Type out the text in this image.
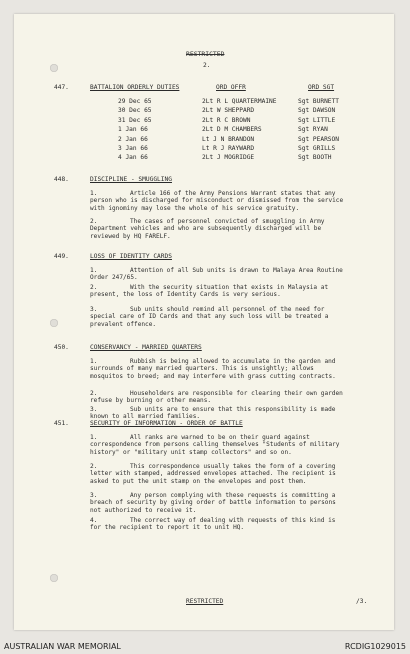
RESTRICTED
2.
447.	BATTALION ORDERLY DUTIES	ORD OFFR	ORD SGT
29 Dec 65	2Lt R L QUARTERMAINE	Sgt BURNETT
30 Dec 65	2Lt W SHEPPARD	Sgt DAWSON
31 Dec 65	2Lt R C BROWN	Sgt LITTLE
1 Jan 66	2Lt D M CHAMBERS	Sgt RYAN
2 Jan 66	Lt J N BRANDON	Sgt PEARSON
3 Jan 66	Lt R J RAYWARD	Sgt GRILLS
4 Jan 66	2Lt J MOGRIDGE	Sgt BOOTH
448.	DISCIPLINE - SMUGGLING
1.	Article 166 of the Army Pensions Warrant states that any person who is discharged for misconduct or dismissed from the service with ignominy may lose the whole of his service gratuity.
2.	The cases of personnel convicted of smuggling in Army Department vehicles and who are subsequently discharged will be reviewed by HQ FARELF.
449.	LOSS OF IDENTITY CARDS
1.	Attention of all Sub units is drawn to Malaya Area Routine Order 247/65.
2.	With the security situation that exists in Malaysia at present, the loss of Identity Cards is very serious.
3.	Sub units should remind all personnel of the need for special care of ID Cards and that any such loss will be treated a prevalent offence.
450.	CONSERVANCY - MARRIED QUARTERS
1.	Rubbish is being allowed to accumulate in the garden and surrounds of many married quarters. This is unsightly; allows mosquitos to breed; and may interfere with grass cutting contracts.
2.	Householders are responsible for clearing their own garden refuse by burning or other means.
3.	Sub units are to ensure that this responsibility is made known to all married families.
451.	SECURITY OF INFORMATION - ORDER OF BATTLE
1.	All ranks are warned to be on their guard against correspondence from persons calling themselves "Students of military history" or "military unit stamp collectors" and so on.
2.	This correspondence usually takes the form of a covering letter with stamped, addressed envelopes attached. The recipient is asked to put the unit stamp on the envelopes and post them.
3.	Any person complying with these requests is committing a breach of security by giving order of battle information to persons not authorized to receive it.
4.	The correct way of dealing with requests of this kind is for the recipient to report it to unit HQ.
RESTRICTED	/3.
AUSTRALIAN WAR MEMORIAL	RCDIG1029015
